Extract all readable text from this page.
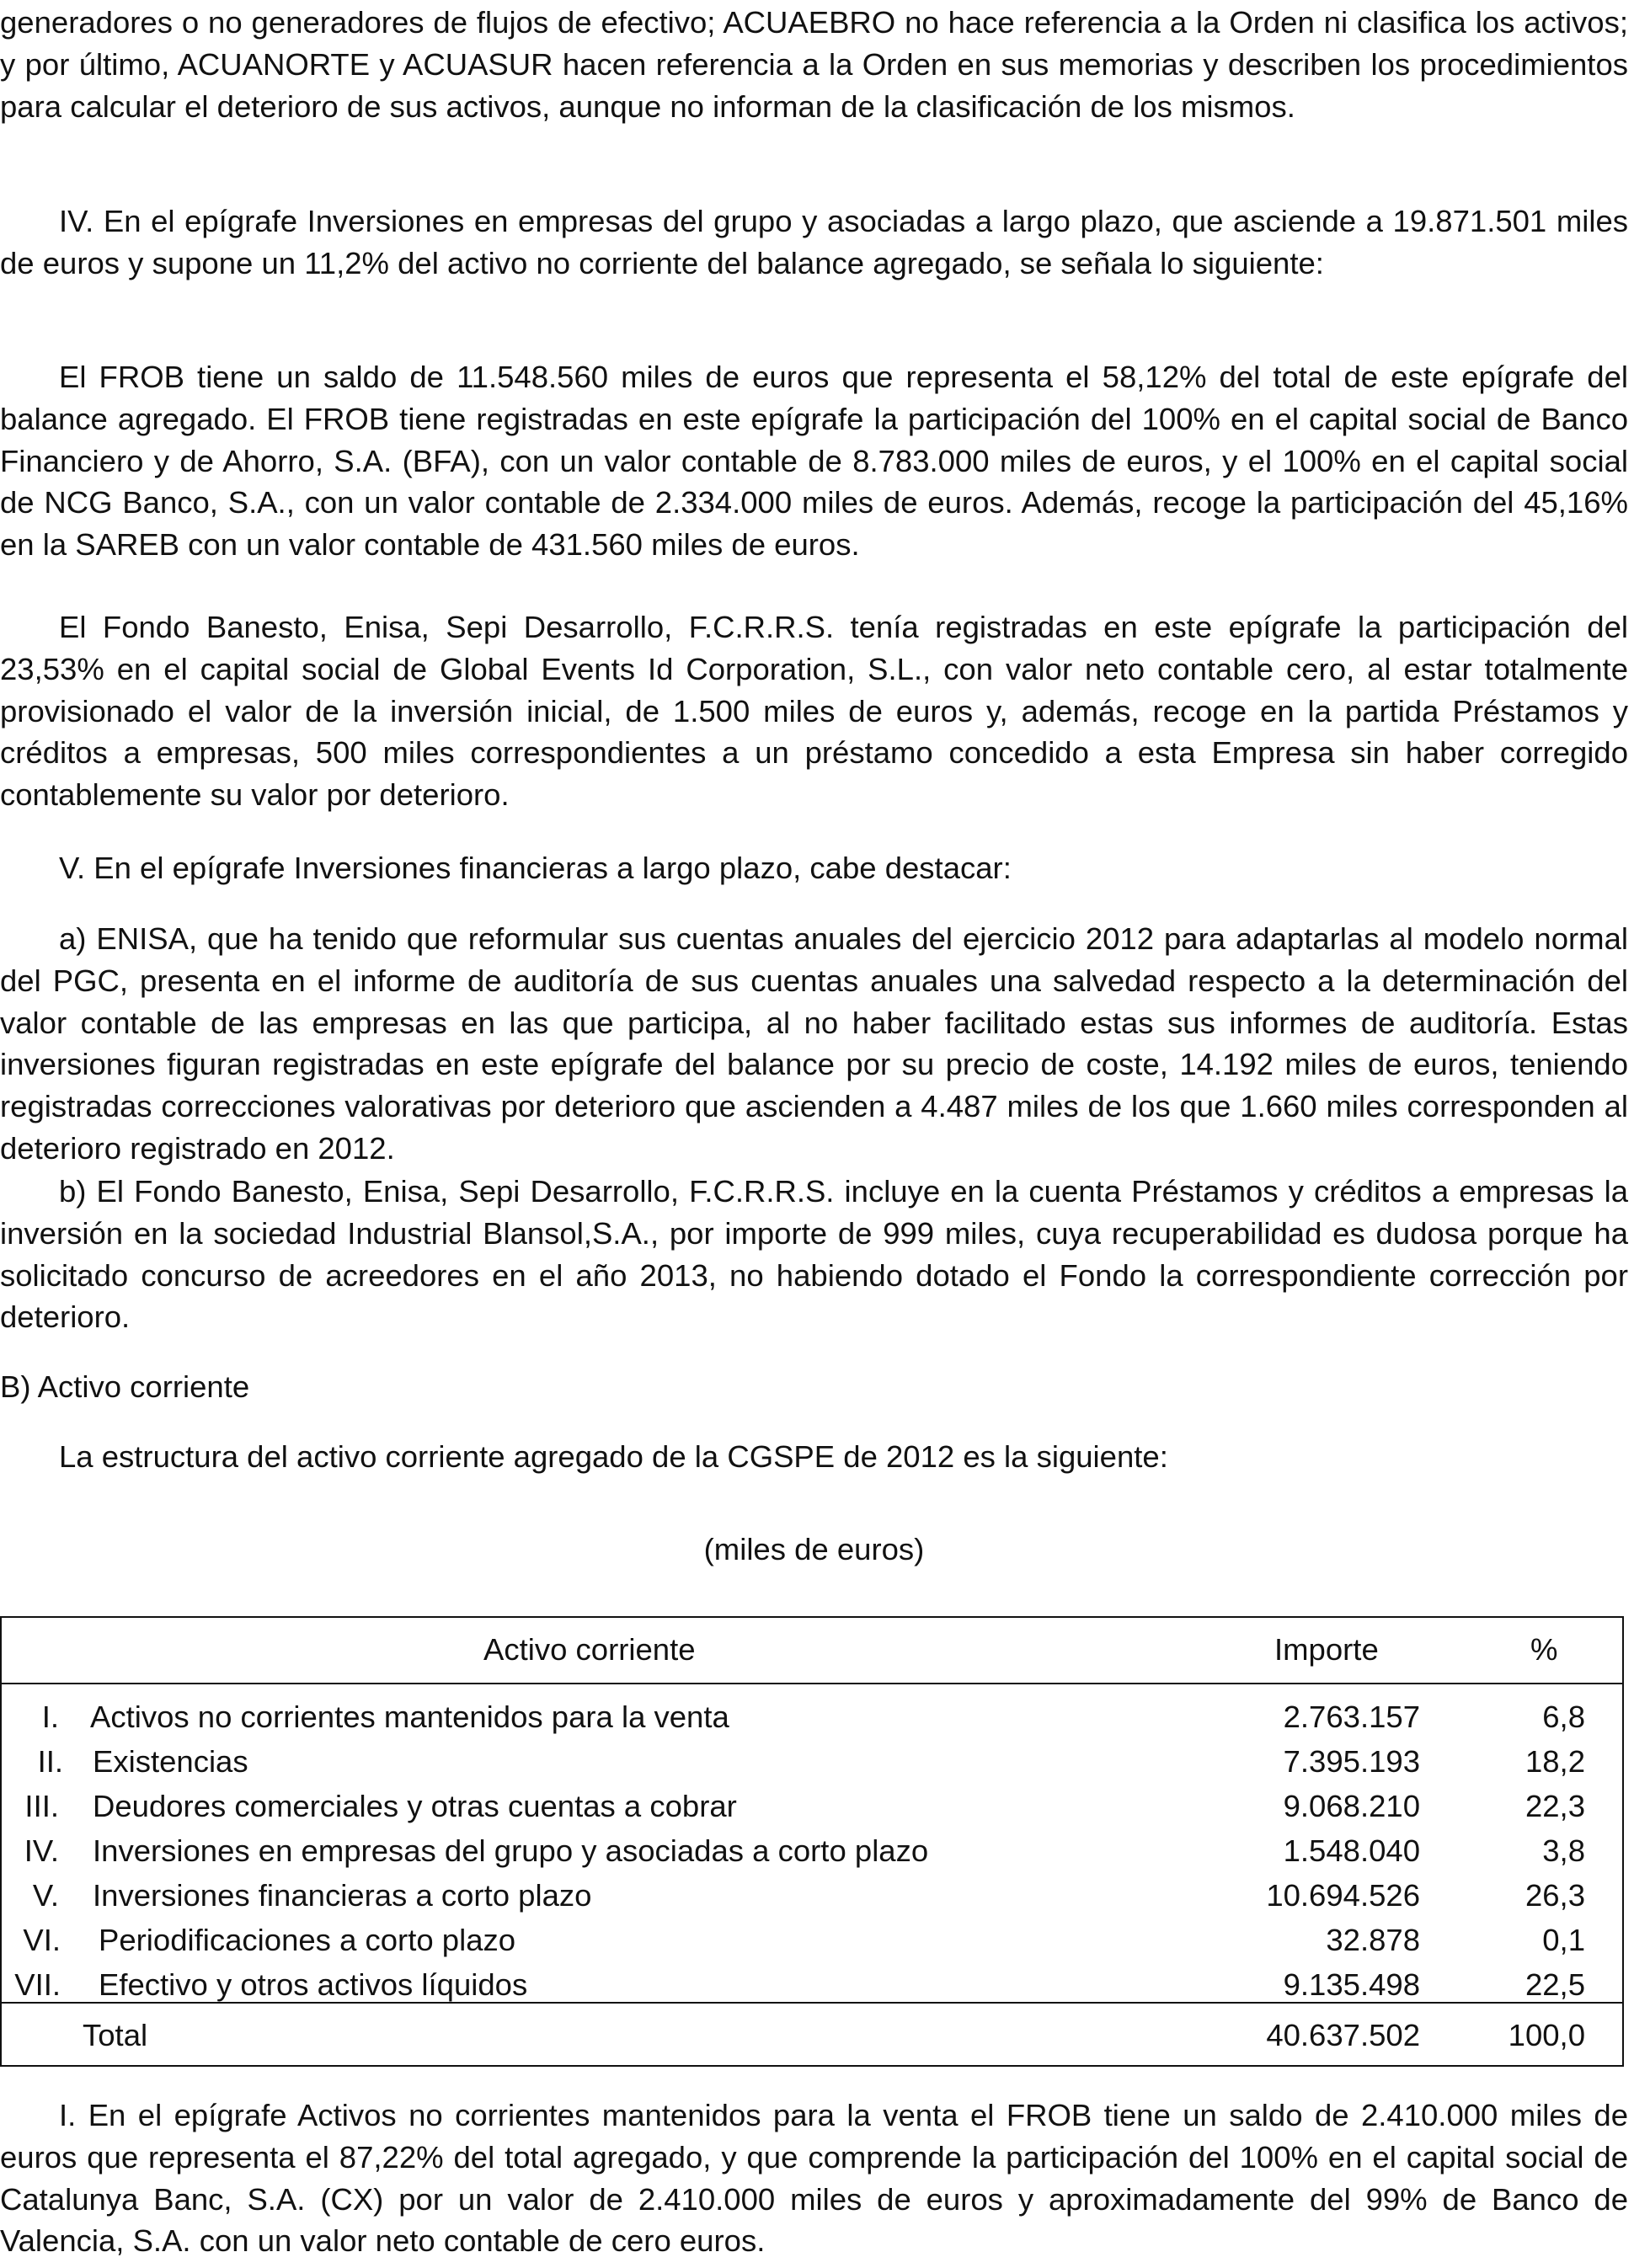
generadores o no generadores de flujos de efectivo; ACUAEBRO no hace referencia a la Orden ni clasifica los activos; y por último, ACUANORTE y ACUASUR hacen referencia a la Orden en sus memorias y describen los procedimientos para calcular el deterioro de sus activos, aunque no informan de la clasificación de los mismos.

IV. En el epígrafe Inversiones en empresas del grupo y asociadas a largo plazo, que asciende a 19.871.501 miles de euros y supone un 11,2% del activo no corriente del balance agregado, se señala lo siguiente:

El FROB tiene un saldo de 11.548.560 miles de euros que representa el 58,12% del total de este epígrafe del balance agregado. El FROB tiene registradas en este epígrafe la participación del 100% en el capital social de Banco Financiero y de Ahorro, S.A. (BFA), con un valor contable de 8.783.000 miles de euros, y el 100% en el capital social de NCG Banco, S.A., con un valor contable de 2.334.000 miles de euros. Además, recoge la participación del 45,16% en la SAREB con un valor contable de 431.560 miles de euros.

El Fondo Banesto, Enisa, Sepi Desarrollo, F.C.R.R.S. tenía registradas en este epígrafe la participación del 23,53% en el capital social de Global Events Id Corporation, S.L., con valor neto contable cero, al estar totalmente provisionado el valor de la inversión inicial, de 1.500 miles de euros y, además, recoge en la partida Préstamos y créditos a empresas, 500 miles correspondientes a un préstamo concedido a esta Empresa sin haber corregido contablemente su valor por deterioro.

V. En el epígrafe Inversiones financieras a largo plazo, cabe destacar:

a) ENISA, que ha tenido que reformular sus cuentas anuales del ejercicio 2012 para adaptarlas al modelo normal del PGC, presenta en el informe de auditoría de sus cuentas anuales una salvedad respecto a la determinación del valor contable de las empresas en las que participa, al no haber facilitado estas sus informes de auditoría. Estas inversiones figuran registradas en este epígrafe del balance por su precio de coste, 14.192 miles de euros, teniendo registradas correcciones valorativas por deterioro que ascienden a 4.487 miles de los que 1.660 miles corresponden al deterioro registrado en 2012.

b) El Fondo Banesto, Enisa, Sepi Desarrollo, F.C.R.R.S. incluye en la cuenta Préstamos y créditos a empresas la inversión en la sociedad Industrial Blansol,S.A., por importe de 999 miles, cuya recuperabilidad es dudosa porque ha solicitado concurso de acreedores en el año 2013, no habiendo dotado el Fondo la correspondiente corrección por deterioro.

B) Activo corriente

La estructura del activo corriente agregado de la CGSPE de 2012 es la siguiente:

(miles de euros)
Activo corriente	Importe	%
I. Activos no corrientes mantenidos para la venta	2.763.157	6,8
II. Existencias	7.395.193	18,2
III. Deudores comerciales y otras cuentas a cobrar	9.068.210	22,3
IV. Inversiones en empresas del grupo y asociadas a corto plazo	1.548.040	3,8
V. Inversiones financieras a corto plazo	10.694.526	26,3
VI. Periodificaciones a corto plazo	32.878	0,1
VII. Efectivo y otros activos líquidos	9.135.498	22,5
Total	40.637.502	100,0

I. En el epígrafe Activos no corrientes mantenidos para la venta el FROB tiene un saldo de 2.410.000 miles de euros que representa el 87,22% del total agregado, y que comprende la participación del 100% en el capital social de Catalunya Banc, S.A. (CX) por un valor de 2.410.000 miles de euros y aproximadamente del 99% de Banco de Valencia, S.A. con un valor neto contable de cero euros.
